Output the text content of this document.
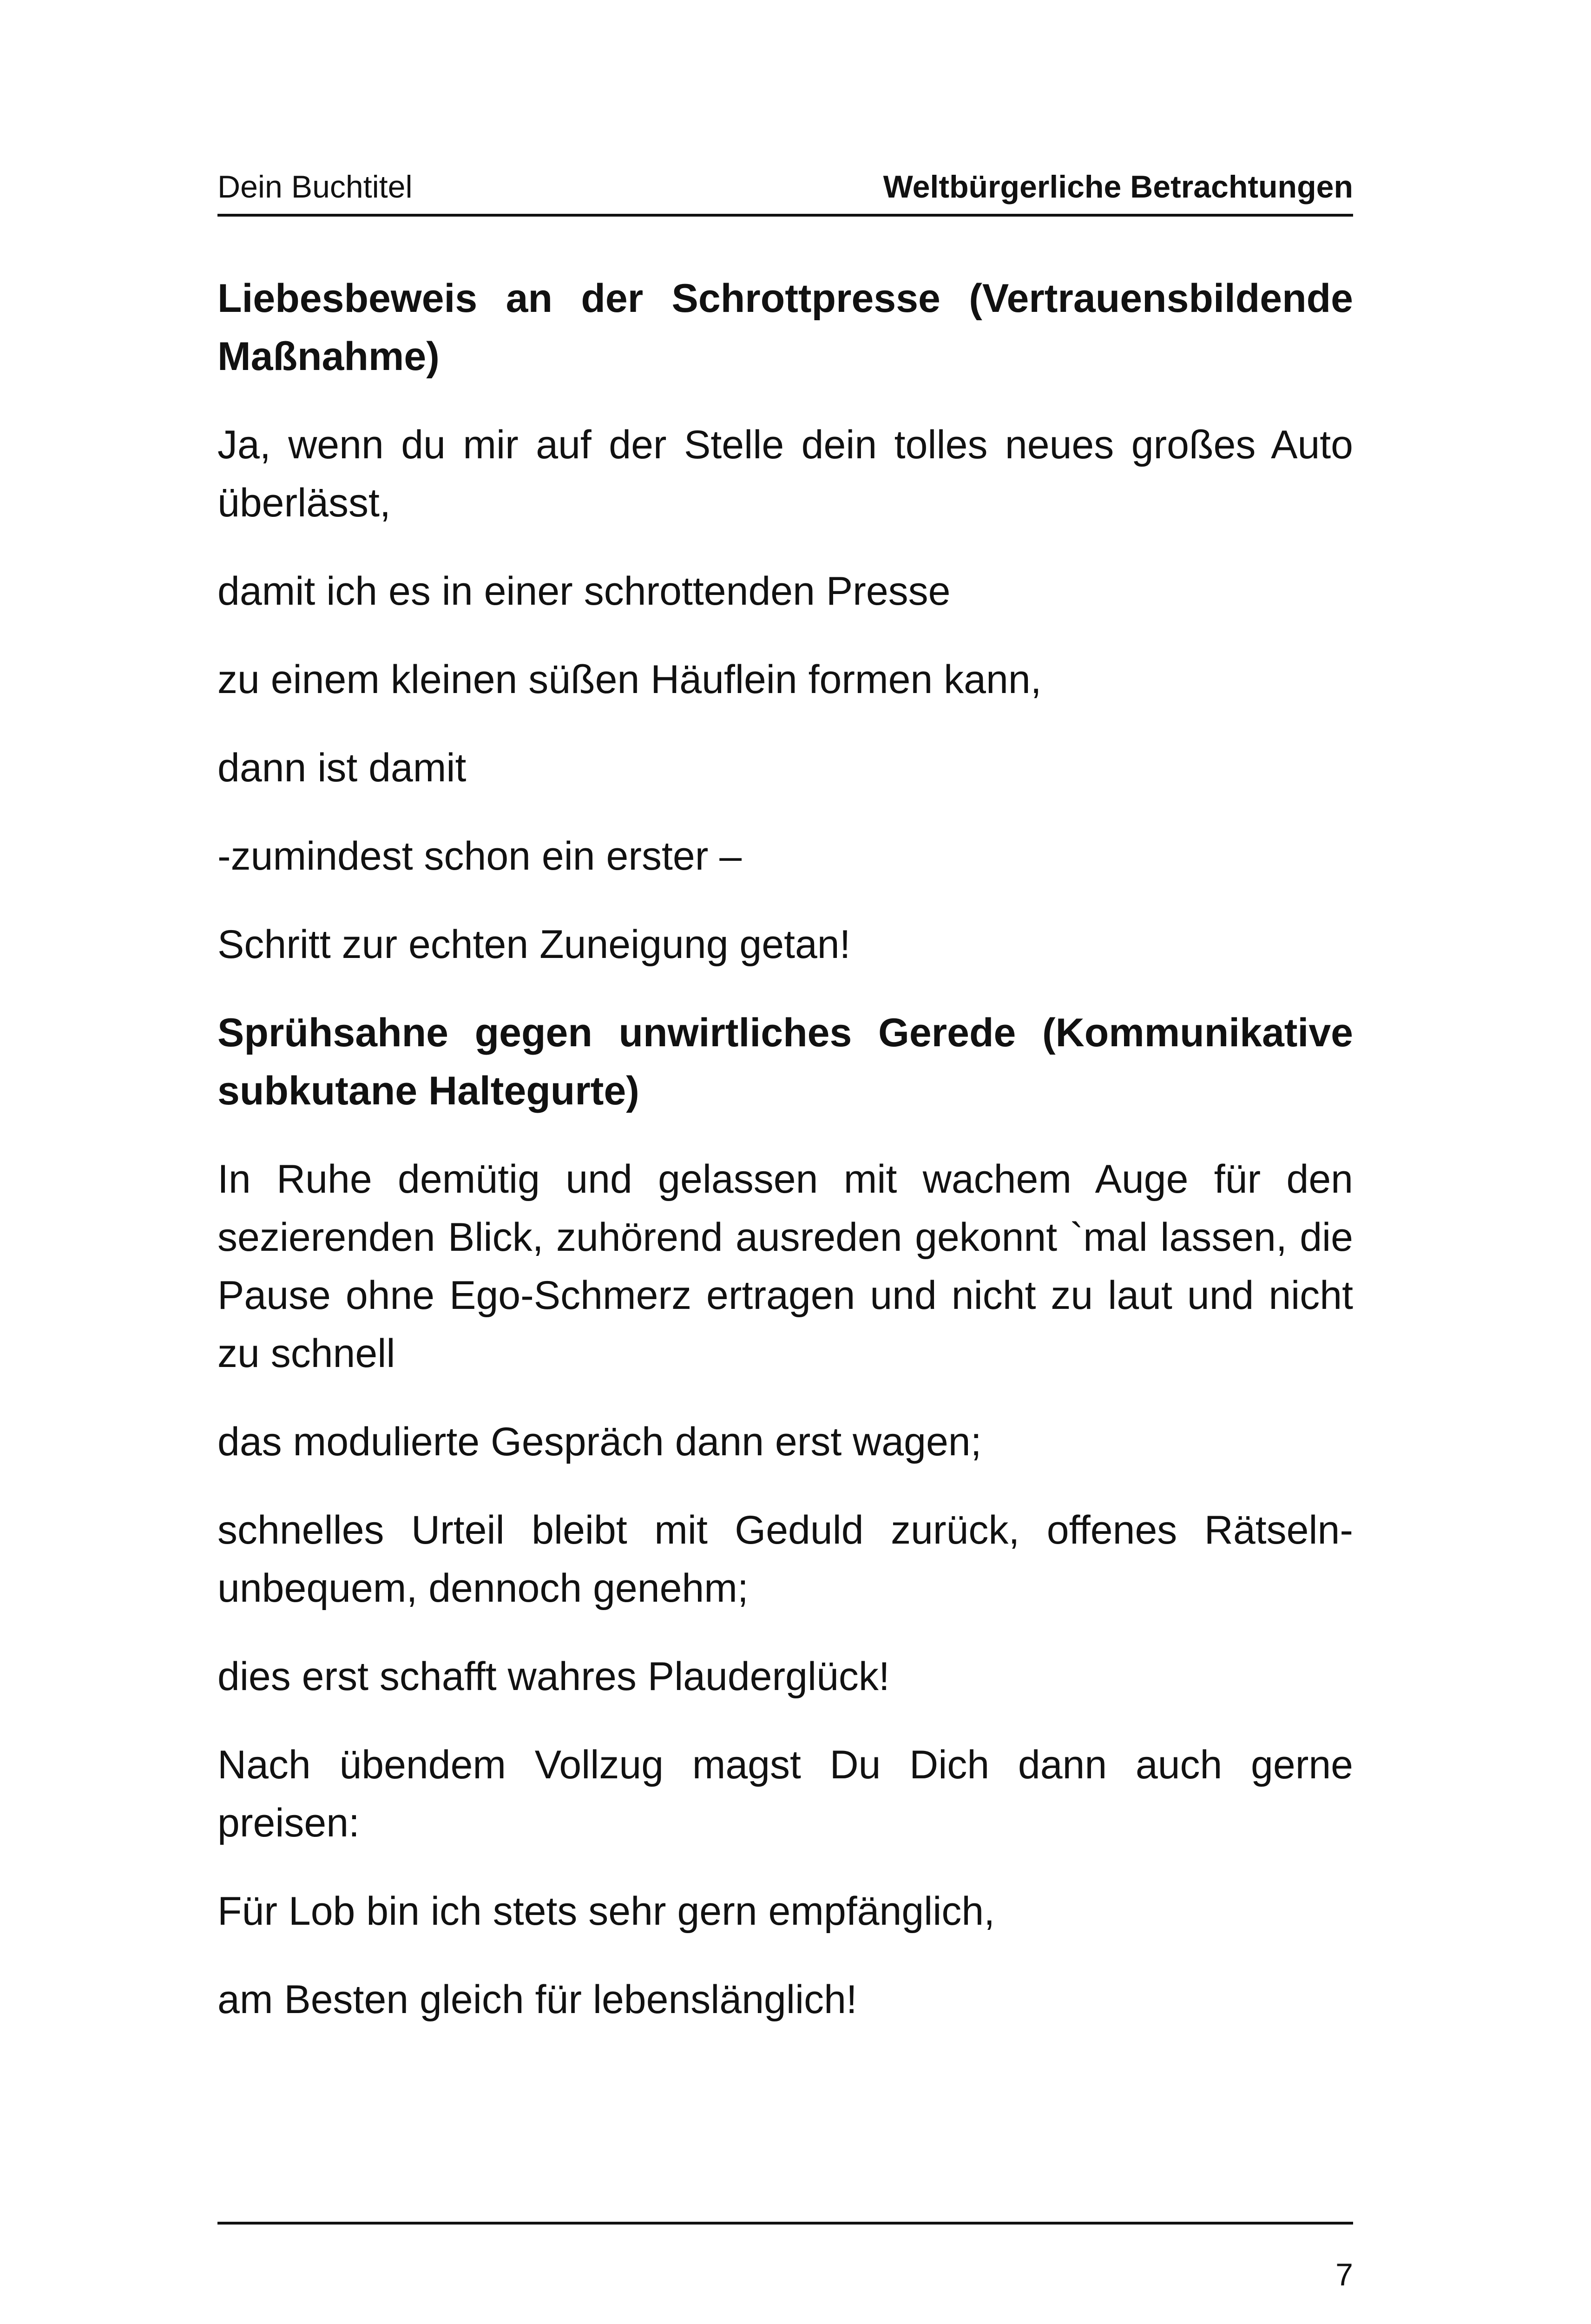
Dein Buchtitel	Weltbürgerliche Betrachtungen

Liebesbeweis an der Schrottpresse (Vertrauensbildende Maßnahme)

Ja, wenn du mir auf der Stelle dein tolles neues großes Auto überlässt,

damit ich es in einer schrottenden Presse

zu einem kleinen süßen Häuflein formen kann,

dann ist damit

-zumindest schon ein erster –

Schritt zur echten Zuneigung getan!

Sprühsahne gegen unwirtliches Gerede (Kommunikative subkutane Haltegurte)

In Ruhe demütig und gelassen mit wachem Auge für den sezierenden Blick, zuhörend ausreden gekonnt `mal lassen, die Pause ohne Ego-Schmerz ertragen und nicht zu laut und nicht zu schnell

das modulierte Gespräch dann erst wagen;

schnelles Urteil bleibt mit Geduld zurück, offenes Rätseln- unbequem, dennoch genehm;

dies erst schafft wahres Plauderglück!

Nach übendem Vollzug magst Du Dich dann auch gerne preisen:

Für Lob bin ich stets sehr gern empfänglich,

am Besten gleich für lebenslänglich!

7
